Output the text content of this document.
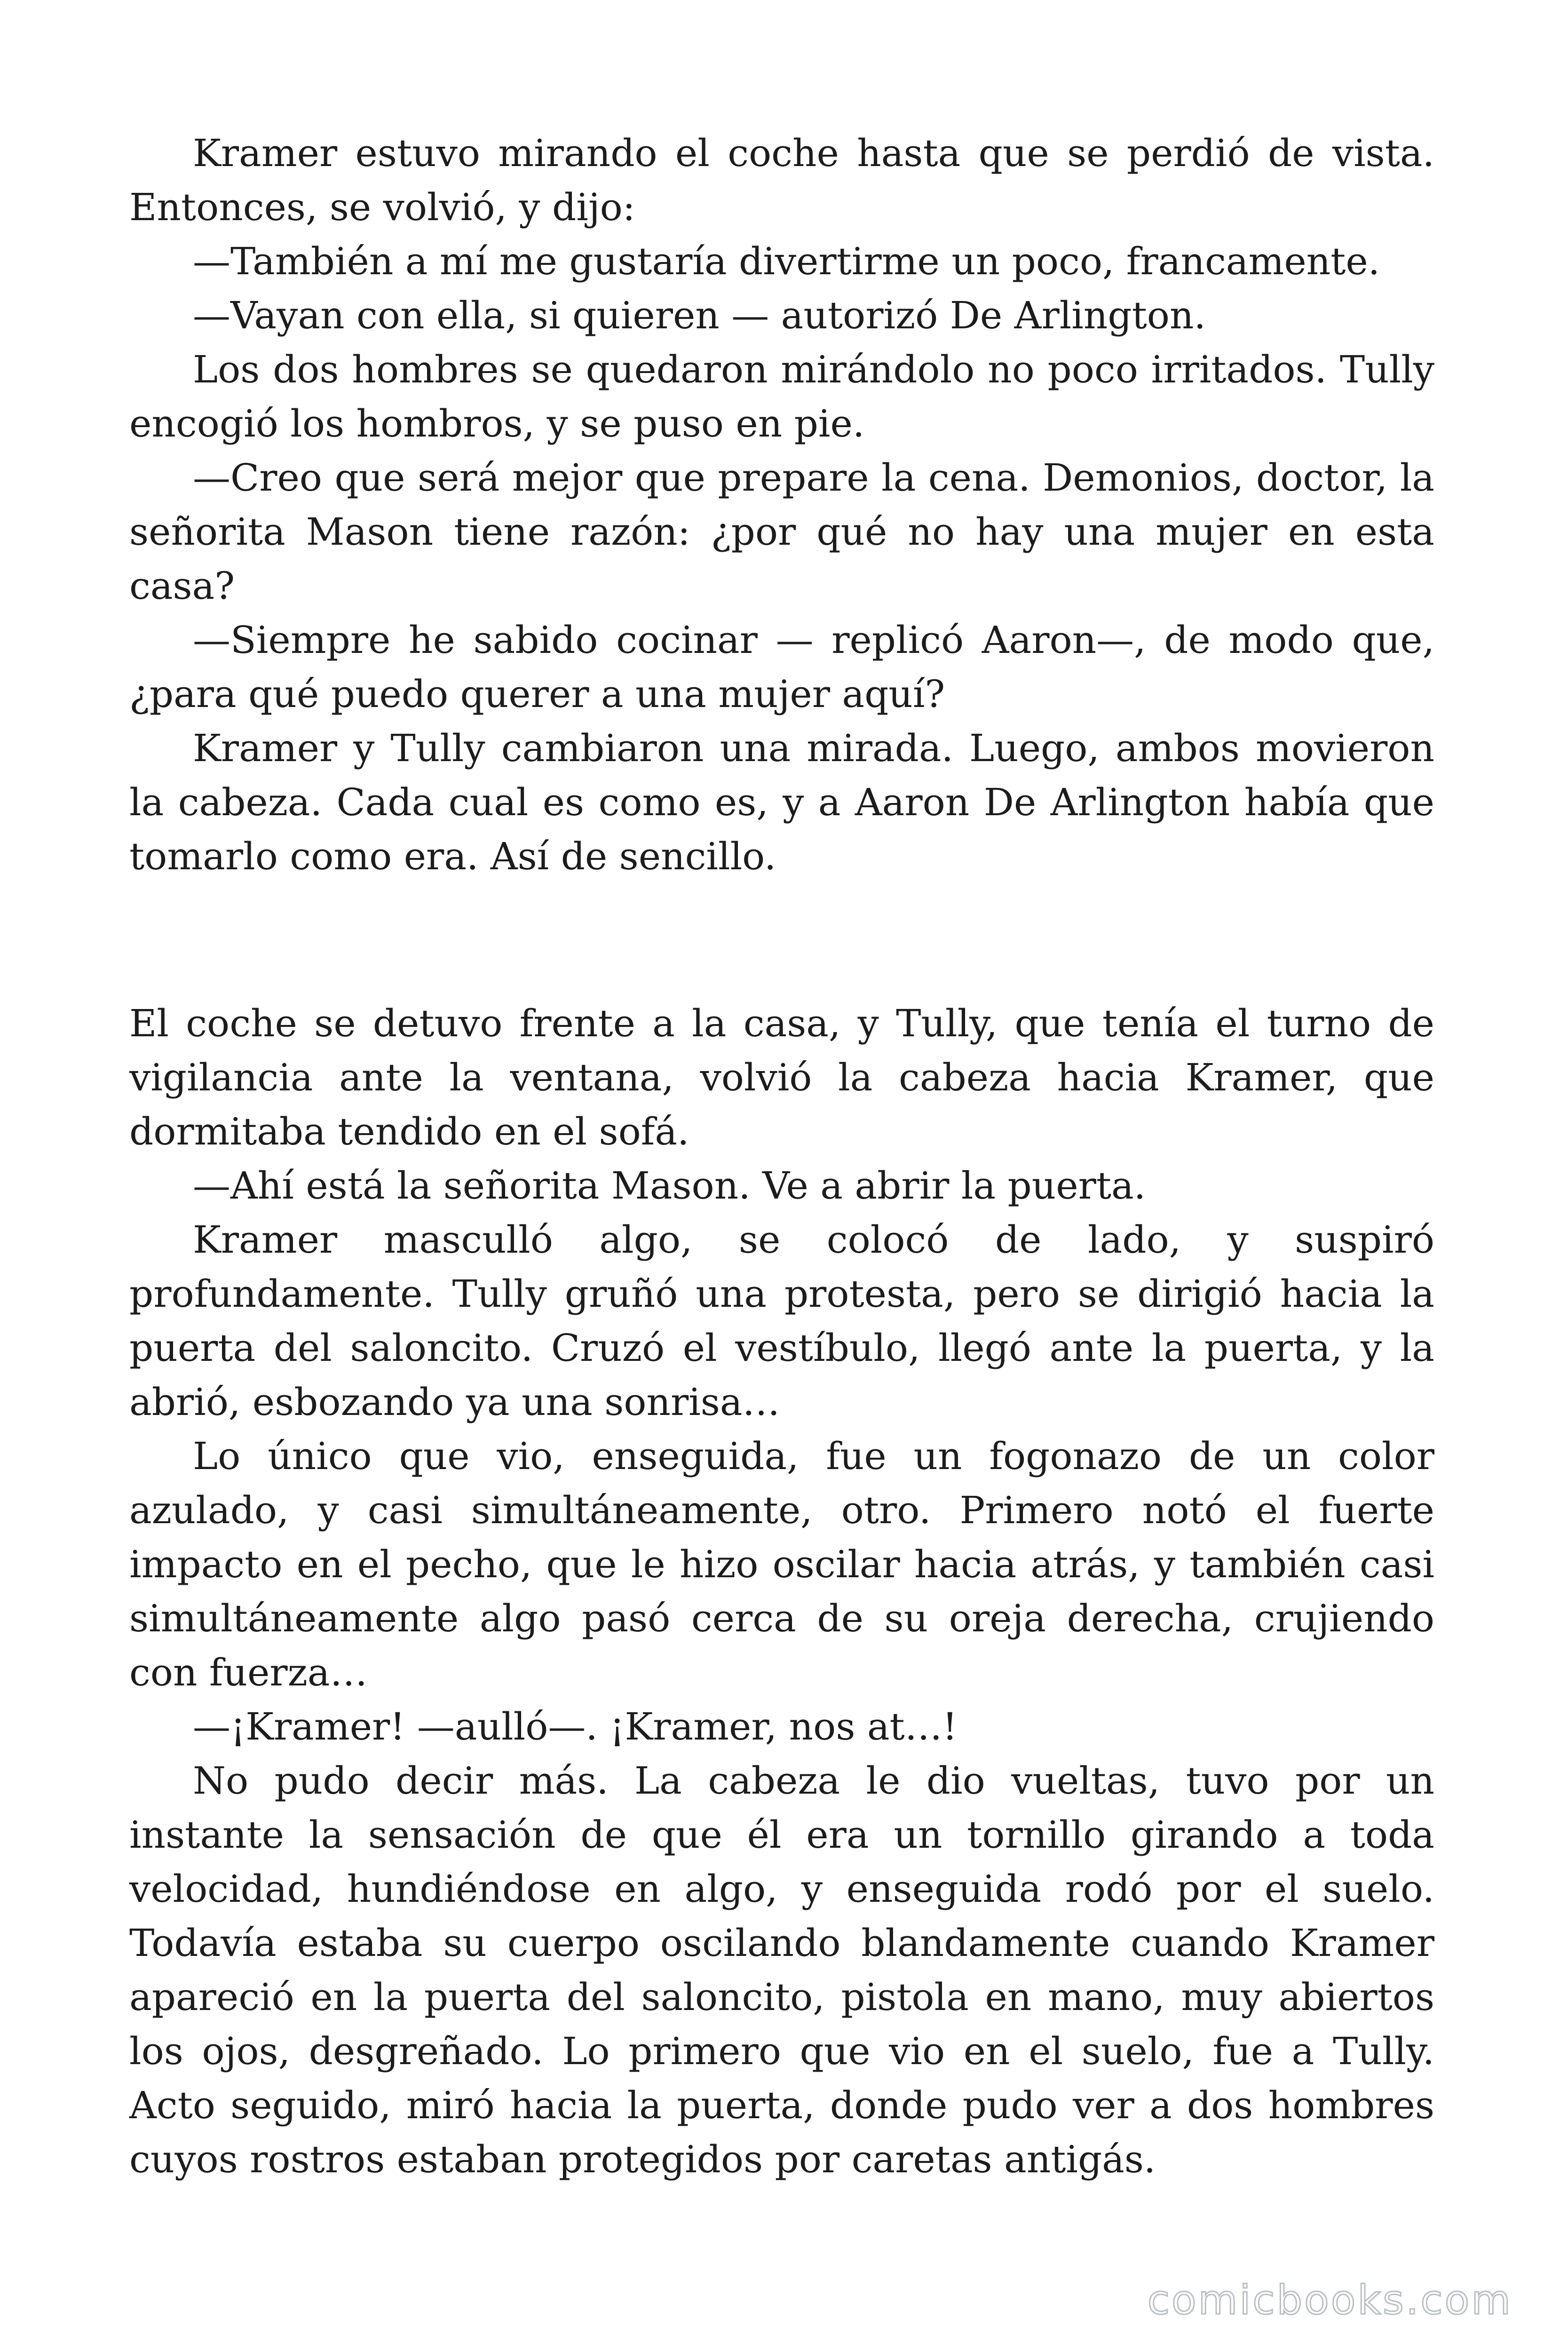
Kramer estuvo mirando el coche hasta que se perdió de vista. Entonces, se volvió, y dijo:

—También a mí me gustaría divertirme un poco, francamente.

—Vayan con ella, si quieren — autorizó De Arlington.

Los dos hombres se quedaron mirándolo no poco irritados. Tully encogió los hombros, y se puso en pie.

—Creo que será mejor que prepare la cena. Demonios, doctor, la señorita Mason tiene razón: ¿por qué no hay una mujer en esta casa?

—Siempre he sabido cocinar — replicó Aaron—, de modo que, ¿para qué puedo querer a una mujer aquí?

Kramer y Tully cambiaron una mirada. Luego, ambos movieron la cabeza. Cada cual es como es, y a Aaron De Arlington había que tomarlo como era. Así de sencillo.

El coche se detuvo frente a la casa, y Tully, que tenía el turno de vigilancia ante la ventana, volvió la cabeza hacia Kramer, que dormitaba tendido en el sofá.

—Ahí está la señorita Mason. Ve a abrir la puerta.

Kramer masculló algo, se colocó de lado, y suspiró profundamente. Tully gruñó una protesta, pero se dirigió hacia la puerta del saloncito. Cruzó el vestíbulo, llegó ante la puerta, y la abrió, esbozando ya una sonrisa…

Lo único que vio, enseguida, fue un fogonazo de un color azulado, y casi simultáneamente, otro. Primero notó el fuerte impacto en el pecho, que le hizo oscilar hacia atrás, y también casi simultáneamente algo pasó cerca de su oreja derecha, crujiendo con fuerza…

—¡Kramer! —aulló—. ¡Kramer, nos at…!

No pudo decir más. La cabeza le dio vueltas, tuvo por un instante la sensación de que él era un tornillo girando a toda velocidad, hundiéndose en algo, y enseguida rodó por el suelo. Todavía estaba su cuerpo oscilando blandamente cuando Kramer apareció en la puerta del saloncito, pistola en mano, muy abiertos los ojos, desgreñado. Lo primero que vio en el suelo, fue a Tully. Acto seguido, miró hacia la puerta, donde pudo ver a dos hombres cuyos rostros estaban protegidos por caretas antigás.

comicbooks.com
